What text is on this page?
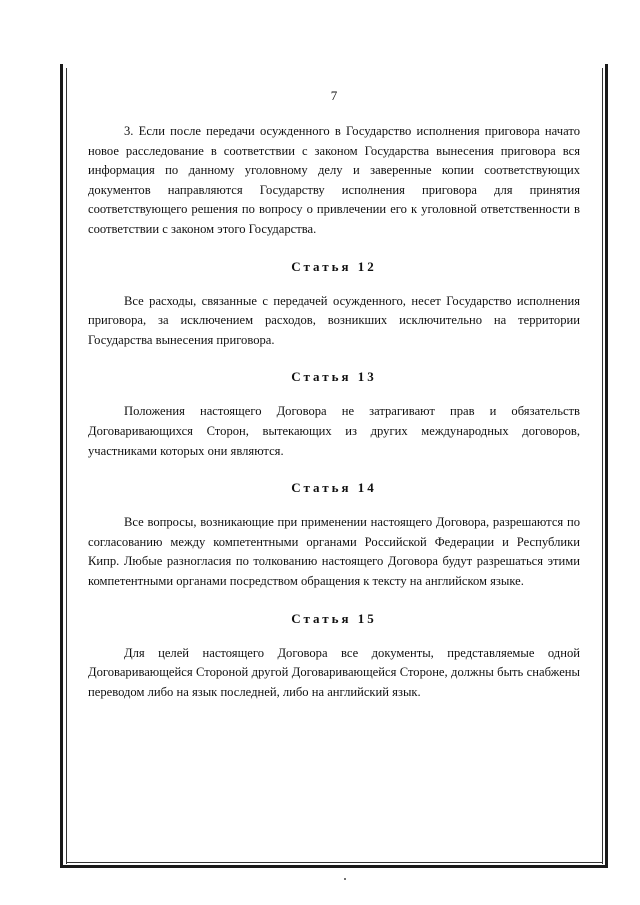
7

3. Если после передачи осужденного в Государство исполнения приговора начато новое расследование в соответствии с законом Государства вынесения приговора вся информация по данному уголовному делу и заверенные копии соответствующих документов направляются Государству исполнения приговора для принятия соответствующего решения по вопросу о привлечении его к уголовной ответственности в соответствии с законом этого Государства.

Статья 12

Все расходы, связанные с передачей осужденного, несет Государство исполнения приговора, за исключением расходов, возникших исключительно на территории Государства вынесения приговора.

Статья 13

Положения настоящего Договора не затрагивают прав и обязательств Договаривающихся Сторон, вытекающих из других международных договоров, участниками которых они являются.

Статья 14

Все вопросы, возникающие при применении настоящего Договора, разрешаются по согласованию между компетентными органами Российской Федерации и Республики Кипр. Любые разногласия по толкованию настоящего Договора будут разрешаться этими компетентными органами посредством обращения к тексту на английском языке.

Статья 15

Для целей настоящего Договора все документы, представляемые одной Договаривающейся Стороной другой Договаривающейся Стороне, должны быть снабжены переводом либо на язык последней, либо на английский язык.
